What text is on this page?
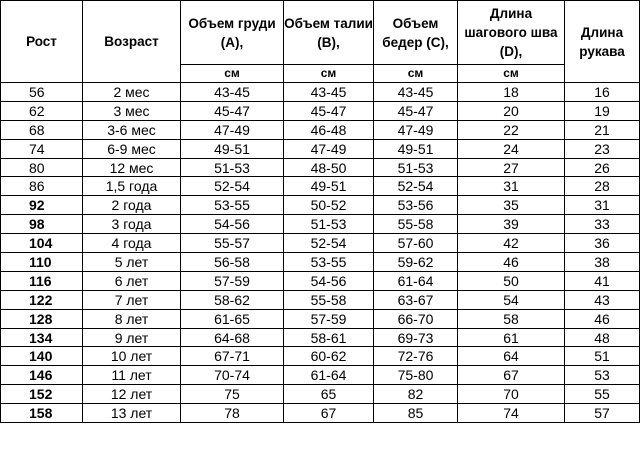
Рост	Возраст	Объем груди (А),	Объем талии (В),	Объем бедер (С),	Длина шагового шва (D),	Длина рукава

		см	см	см	см	
56	2 мес	43-45	43-45	43-45	18	16
62	3 мес	45-47	45-47	45-47	20	19
68	3-6 мес	47-49	46-48	47-49	22	21
74	6-9 мес	49-51	47-49	49-51	24	23
80	12 мес	51-53	48-50	51-53	27	26
86	1,5 года	52-54	49-51	52-54	31	28
92	2 года	53-55	50-52	53-56	35	31
98	3 года	54-56	51-53	55-58	39	33
104	4 года	55-57	52-54	57-60	42	36
110	5 лет	56-58	53-55	59-62	46	38
116	6 лет	57-59	54-56	61-64	50	41
122	7 лет	58-62	55-58	63-67	54	43
128	8 лет	61-65	57-59	66-70	58	46
134	9 лет	64-68	58-61	69-73	61	48
140	10 лет	67-71	60-62	72-76	64	51
146	11 лет	70-74	61-64	75-80	67	53
152	12 лет	75	65	82	70	55
158	13 лет	78	67	85	74	57
